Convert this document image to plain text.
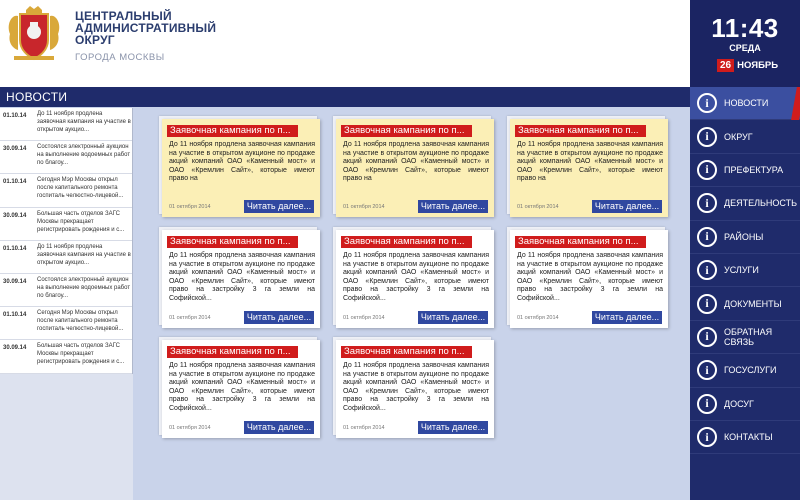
ЦЕНТРАЛЬНЫЙ
АДМИНИСТРАТИВНЫЙ
ОКРУГ
ГОРОДА МОСКВЫ
НОВОСТИ
01.10.14	До 11 ноября продлена заявочная кампания на участие в открытом аукцио...
30.09.14	Состоялся электронный аукцион на выполнение водоемных работ по благоу...
01.10.14	Сегодня Мэр Москвы открыл после капитального ремонта госпиталь челюстно-лицевой...
30.09.14	Большая часть отделов ЗАГС Москвы прекращает регистрировать рождения и с...
01.10.14	До 11 ноября продлена заявочная кампания на участие в открытом аукцио...
30.09.14	Состоялся электронный аукцион на выполнение водоемных работ по благоу...
01.10.14	Сегодня Мэр Москвы открыл после капитального ремонта госпиталь челюстно-лицевой...
30.09.14	Большая часть отделов ЗАГС Москвы прекращает регистрировать рождения и с...
Заявочная кампания по п...
До 11 ноября продлена заявочная кампания на участие в открытом аукционе по продаже акций компаний ОАО «Каменный мост» и ОАО «Кремлин Сайт», которые имеют право на
01 октября 2014	Читать далее...
Заявочная кампания по п...
До 11 ноября продлена заявочная кампания на участие в открытом аукционе по продаже акций компаний ОАО «Каменный мост» и ОАО «Кремлин Сайт», которые имеют право на
01 октября 2014	Читать далее...
Заявочная кампания по п...
До 11 ноября продлена заявочная кампания на участие в открытом аукционе по продаже акций компаний ОАО «Каменный мост» и ОАО «Кремлин Сайт», которые имеют право на
01 октября 2014	Читать далее...
Заявочная кампания по п...
До 11 ноября продлена заявочная кампания на участие в открытом аукционе по продаже акций компаний ОАО «Каменный мост» и ОАО «Кремлин Сайт», которые имеют право на застройку 3 га земли на Софийской...
01 октября 2014	Читать далее...
Заявочная кампания по п...
До 11 ноября продлена заявочная кампания на участие в открытом аукционе по продаже акций компаний ОАО «Каменный мост» и ОАО «Кремлин Сайт», которые имеют право на застройку 3 га земли на Софийской...
01 октября 2014	Читать далее...
Заявочная кампания по п...
До 11 ноября продлена заявочная кампания на участие в открытом аукционе по продаже акций компаний ОАО «Каменный мост» и ОАО «Кремлин Сайт», которые имеют право на застройку 3 га земли на Софийской...
01 октября 2014	Читать далее...
Заявочная кампания по п...
До 11 ноября продлена заявочная кампания на участие в открытом аукционе по продаже акций компаний ОАО «Каменный мост» и ОАО «Кремлин Сайт», которые имеют право на застройку 3 га земли на Софийской...
01 октября 2014	Читать далее...
Заявочная кампания по п...
До 11 ноября продлена заявочная кампания на участие в открытом аукционе по продаже акций компаний ОАО «Каменный мост» и ОАО «Кремлин Сайт», которые имеют право на застройку 3 га земли на Софийской...
01 октября 2014	Читать далее...
11:43
СРЕДА
26 НОЯБРЬ
i	НОВОСТИ
i	ОКРУГ
i	ПРЕФЕКТУРА
i	ДЕЯТЕЛЬНОСТЬ
i	РАЙОНЫ
i	УСЛУГИ
i	ДОКУМЕНТЫ
i	ОБРАТНАЯ СВЯЗЬ
i	ГОСУСЛУГИ
i	ДОСУГ
i	КОНТАКТЫ
